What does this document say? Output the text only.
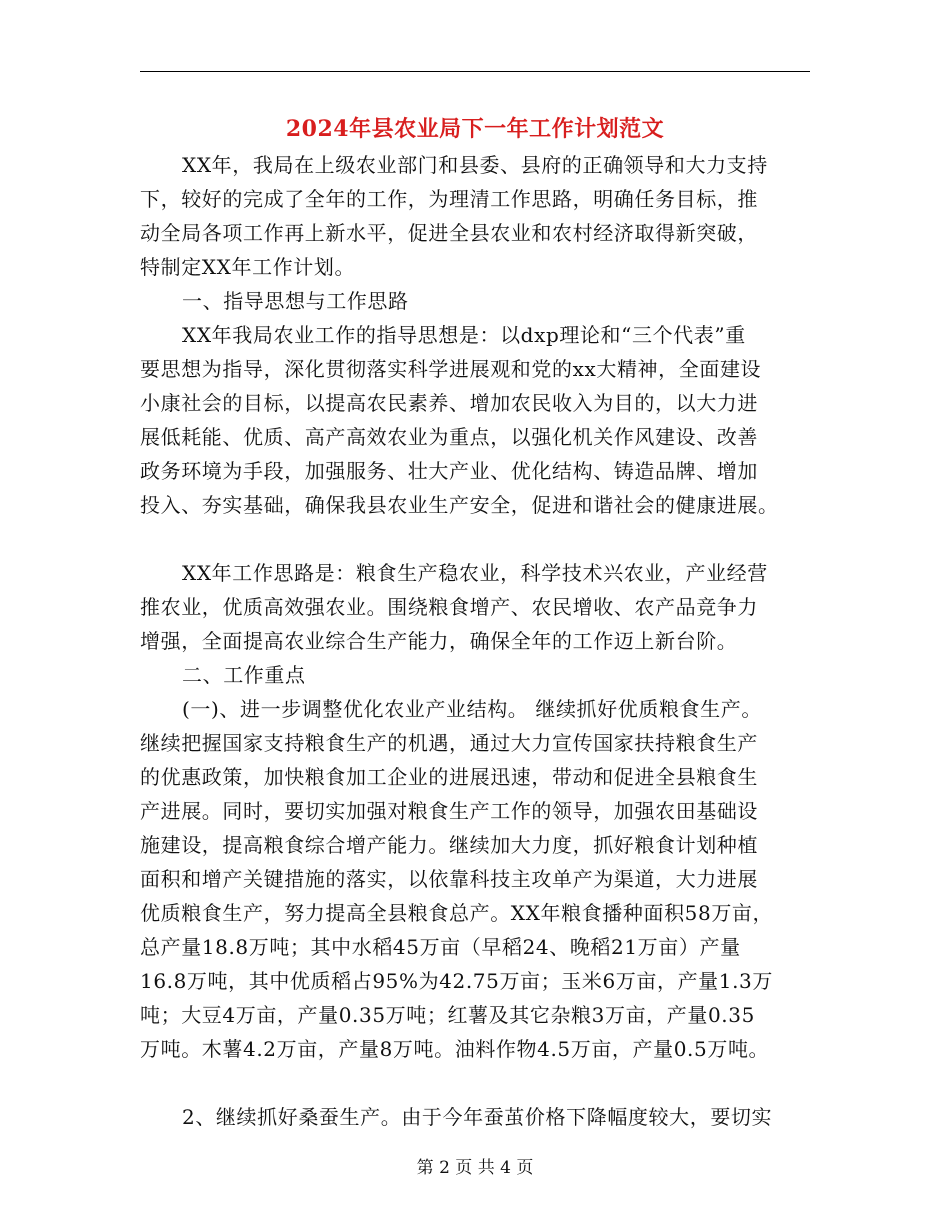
2024年县农业局下一年工作计划范文
XX年，我局在上级农业部门和县委、县府的正确领导和大力支持
下，较好的完成了全年的工作，为理清工作思路，明确任务目标，推
动全局各项工作再上新水平，促进全县农业和农村经济取得新突破，
特制定XX年工作计划。
一、指导思想与工作思路
XX年我局农业工作的指导思想是：以dxp理论和“三个代表”重
要思想为指导，深化贯彻落实科学进展观和党的xx大精神，全面建设
小康社会的目标，以提高农民素养、增加农民收入为目的，以大力进
展低耗能、优质、高产高效农业为重点，以强化机关作风建设、改善
政务环境为手段，加强服务、壮大产业、优化结构、铸造品牌、增加
投入、夯实基础，确保我县农业生产安全，促进和谐社会的健康进展。
XX年工作思路是：粮食生产稳农业，科学技术兴农业，产业经营
推农业，优质高效强农业。围绕粮食增产、农民增收、农产品竞争力
增强，全面提高农业综合生产能力，确保全年的工作迈上新台阶。
二、工作重点
(一)、进一步调整优化农业产业结构。 继续抓好优质粮食生产。
继续把握国家支持粮食生产的机遇，通过大力宣传国家扶持粮食生产
的优惠政策，加快粮食加工企业的进展迅速，带动和促进全县粮食生
产进展。同时，要切实加强对粮食生产工作的领导，加强农田基础设
施建设，提高粮食综合增产能力。继续加大力度，抓好粮食计划种植
面积和增产关键措施的落实，以依靠科技主攻单产为渠道，大力进展
优质粮食生产，努力提高全县粮食总产。XX年粮食播种面积58万亩，
总产量18.8万吨；其中水稻45万亩（早稻24、晚稻21万亩）产量
16.8万吨，其中优质稻占95%为42.75万亩；玉米6万亩，产量1.3万
吨；大豆4万亩，产量0.35万吨；红薯及其它杂粮3万亩，产量0.35
万吨。木薯4.2万亩，产量8万吨。油料作物4.5万亩，产量0.5万吨。
2、继续抓好桑蚕生产。由于今年蚕茧价格下降幅度较大，要切实
第 2 页 共 4 页
